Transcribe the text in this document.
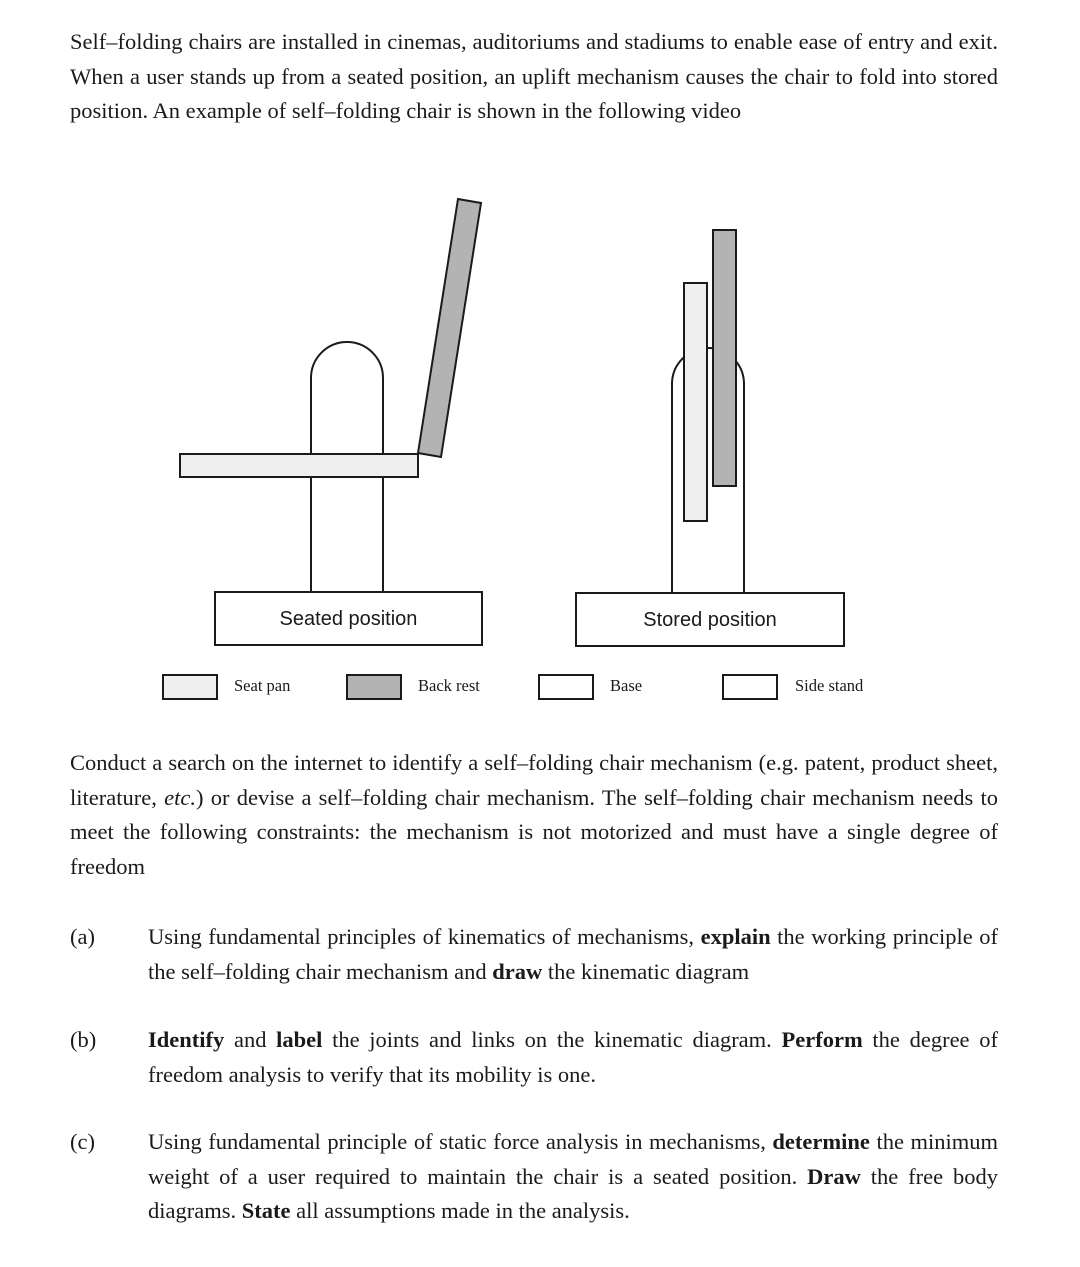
Self–folding chairs are installed in cinemas, auditoriums and stadiums to enable ease of entry and exit. When a user stands up from a seated position, an uplift mechanism causes the chair to fold into stored position. An example of self–folding chair is shown in the following video

Seated position	Stored position
Seat pan	Back rest	Base	Side stand

Conduct a search on the internet to identify a self–folding chair mechanism (e.g. patent, product sheet, literature, etc.) or devise a self–folding chair mechanism. The self–folding chair mechanism needs to meet the following constraints: the mechanism is not motorized and must have a single degree of freedom

(a) Using fundamental principles of kinematics of mechanisms, explain the working principle of the self–folding chair mechanism and draw the kinematic diagram

(b) Identify and label the joints and links on the kinematic diagram. Perform the degree of freedom analysis to verify that its mobility is one.

(c) Using fundamental principle of static force analysis in mechanisms, determine the minimum weight of a user required to maintain the chair is a seated position. Draw the free body diagrams. State all assumptions made in the analysis.
